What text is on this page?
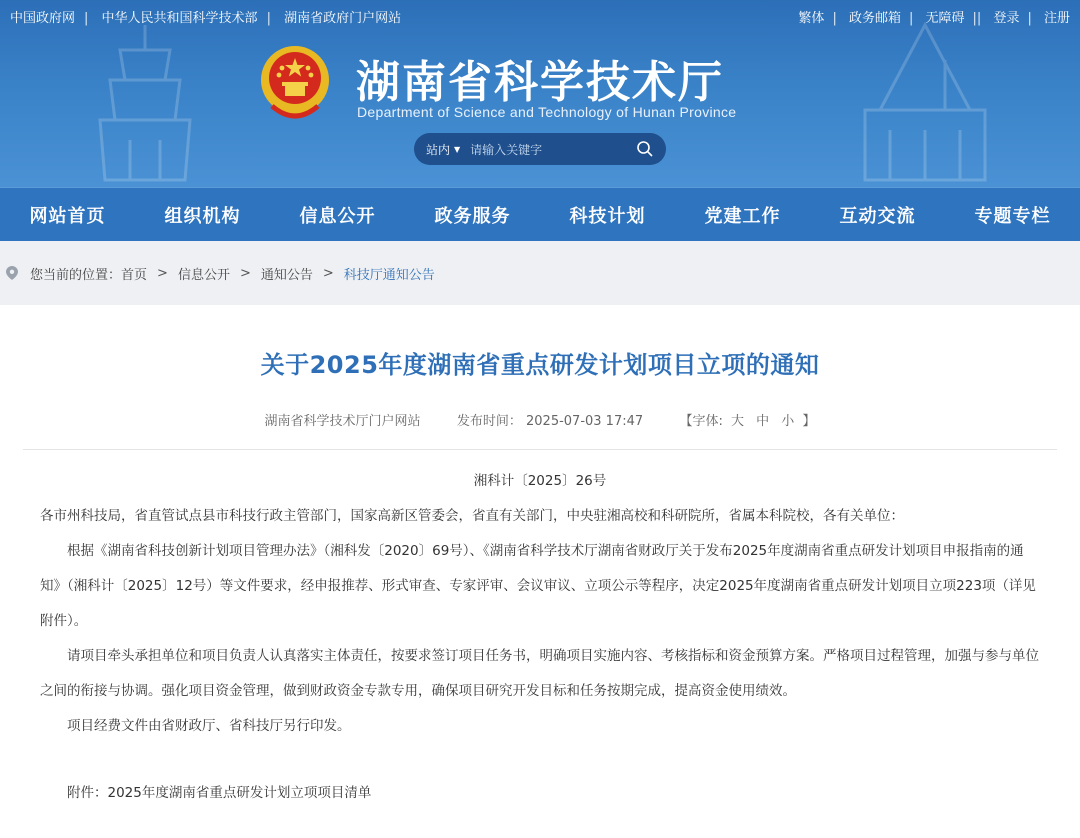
中国政府网 | 中华人民共和国科学技术部 | 湖南省政府门户网站	繁体 | 政务邮箱 | 无障碍 || 登录 | 注册
湖南省科学技术厅
Department of Science and Technology of Hunan Province
站内 ▼ 请输入关键字
网站首页	组织机构	信息公开	政务服务	科技计划	党建工作	互动交流	专题专栏
您当前的位置： 首页 > 信息公开 > 通知公告 > 科技厅通知公告
关于2025年度湖南省重点研发计划项目立项的通知
湖南省科学技术厅门户网站	发布时间： 2025-07-03 17:47	【字体: 大 中 小 】

湘科计〔2025〕26号

各市州科技局，省直管试点县市科技行政主管部门，国家高新区管委会，省直有关部门，中央驻湘高校和科研院所，省属本科院校，各有关单位：

根据《湖南省科技创新计划项目管理办法》（湘科发〔2020〕69号）、《湖南省科学技术厅湖南省财政厅关于发布2025年度湖南省重点研发计划项目申报指南的通知》（湘科计〔2025〕12号）等文件要求，经申报推荐、形式审查、专家评审、会议审议、立项公示等程序，决定2025年度湖南省重点研发计划项目立项223项（详见附件）。

请项目牵头承担单位和项目负责人认真落实主体责任，按要求签订项目任务书，明确项目实施内容、考核指标和资金预算方案。严格项目过程管理，加强与参与单位之间的衔接与协调。强化项目资金管理，做到财政资金专款专用，确保项目研究开发目标和任务按期完成，提高资金使用绩效。

项目经费文件由省财政厅、省科技厅另行印发。

附件：2025年度湖南省重点研发计划立项项目清单
